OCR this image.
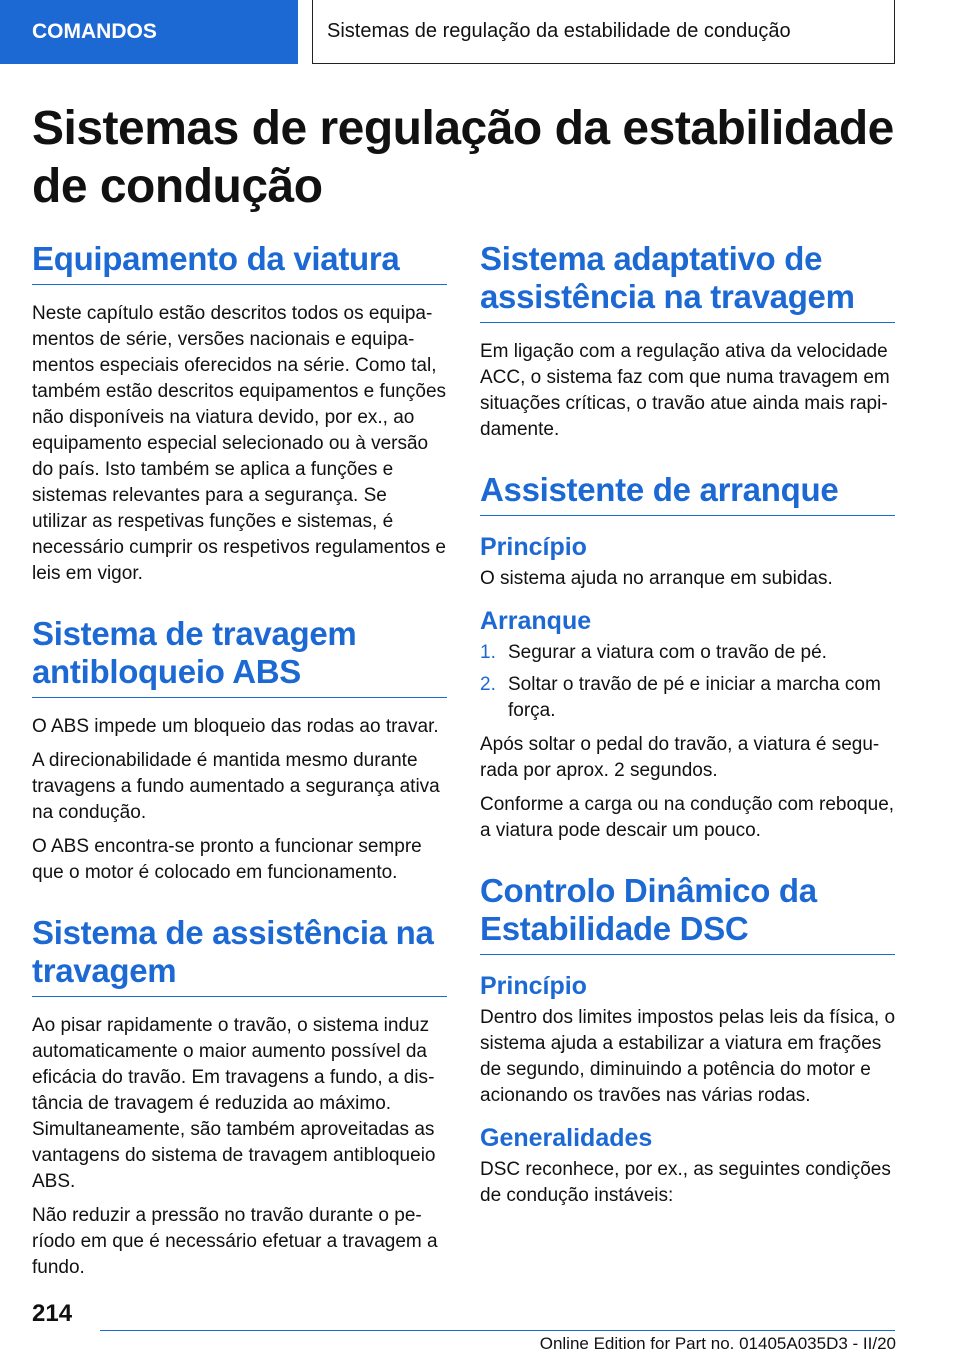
COMANDOS	Sistemas de regulação da estabilidade de condução
Sistemas de regulação da estabilidade de condução
Equipamento da viatura

Neste capítulo estão descritos todos os equipamentos de série, versões nacionais e equipamentos especiais oferecidos na série. Como tal, também estão descritos equipamentos e funções não disponíveis na viatura devido, por ex., ao equipamento especial selecionado ou à versão do país. Isto também se aplica a funções e sistemas relevantes para a segurança. Se utilizar as respetivas funções e sistemas, é necessário cumprir os respetivos regulamentos e leis em vigor.

Sistema de travagem antibloqueio ABS

O ABS impede um bloqueio das rodas ao travar.

A direcionabilidade é mantida mesmo durante travagens a fundo aumentado a segurança ativa na condução.

O ABS encontra-se pronto a funcionar sempre que o motor é colocado em funcionamento.

Sistema de assistência na travagem

Ao pisar rapidamente o travão, o sistema induz automaticamente o maior aumento possível da eficácia do travão. Em travagens a fundo, a distância de travagem é reduzida ao máximo. Simultaneamente, são também aproveitadas as vantagens do sistema de travagem antibloqueio ABS.

Não reduzir a pressão no travão durante o período em que é necessário efetuar a travagem a fundo.

Sistema adaptativo de assistência na travagem

Em ligação com a regulação ativa da velocidade ACC, o sistema faz com que numa travagem em situações críticas, o travão atue ainda mais rapidamente.

Assistente de arranque
Princípio

O sistema ajuda no arranque em subidas.

Arranque
1. Segurar a viatura com o travão de pé.
2. Soltar o travão de pé e iniciar a marcha com força.

Após soltar o pedal do travão, a viatura é segurada por aprox. 2 segundos.

Conforme a carga ou na condução com reboque, a viatura pode descair um pouco.

Controlo Dinâmico da Estabilidade DSC
Princípio

Dentro dos limites impostos pelas leis da física, o sistema ajuda a estabilizar a viatura em frações de segundo, diminuindo a potência do motor e acionando os travões nas várias rodas.

Generalidades

DSC reconhece, por ex., as seguintes condições de condução instáveis:

214
Online Edition for Part no. 01405A035D3 - II/20
